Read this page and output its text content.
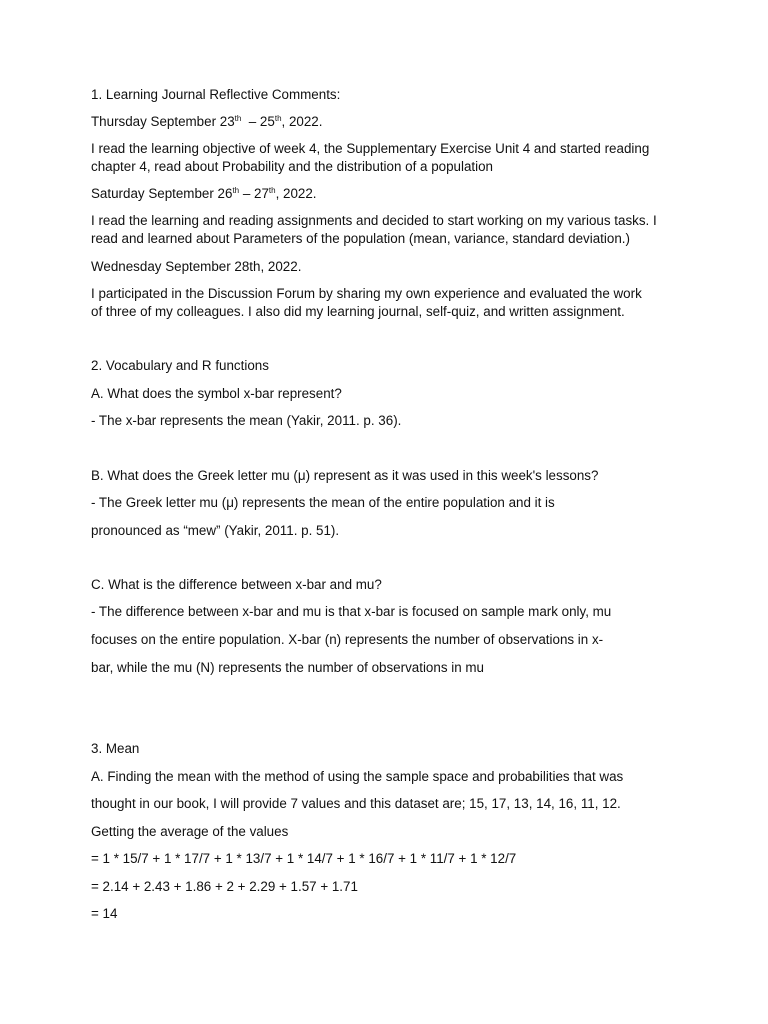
1. Learning Journal Reflective Comments:
Thursday September 23th  – 25th, 2022.
I read the learning objective of week 4, the Supplementary Exercise Unit 4 and started reading chapter 4, read about Probability and the distribution of a population
Saturday September 26th – 27th, 2022.
I read the learning and reading assignments and decided to start working on my various tasks. I read and learned about Parameters of the population (mean, variance, standard deviation.)
Wednesday September 28th, 2022.
I participated in the Discussion Forum by sharing my own experience and evaluated the work of three of my colleagues. I also did my learning journal, self-quiz, and written assignment.
2. Vocabulary and R functions
A. What does the symbol x-bar represent?
- The x-bar represents the mean (Yakir, 2011. p. 36).
B. What does the Greek letter mu (μ) represent as it was used in this week's lessons?
- The Greek letter mu (μ) represents the mean of the entire population and it is
pronounced as “mew” (Yakir, 2011. p. 51).
C. What is the difference between x-bar and mu?
- The difference between x-bar and mu is that x-bar is focused on sample mark only, mu
focuses on the entire population. X-bar (n) represents the number of observations in x-
bar, while the mu (N) represents the number of observations in mu
3. Mean
A. Finding the mean with the method of using the sample space and probabilities that was
thought in our book, I will provide 7 values and this dataset are; 15, 17, 13, 14, 16, 11, 12.
Getting the average of the values
= 1 * 15/7 + 1 * 17/7 + 1 * 13/7 + 1 * 14/7 + 1 * 16/7 + 1 * 11/7 + 1 * 12/7
= 2.14 + 2.43 + 1.86 + 2 + 2.29 + 1.57 + 1.71
= 14
